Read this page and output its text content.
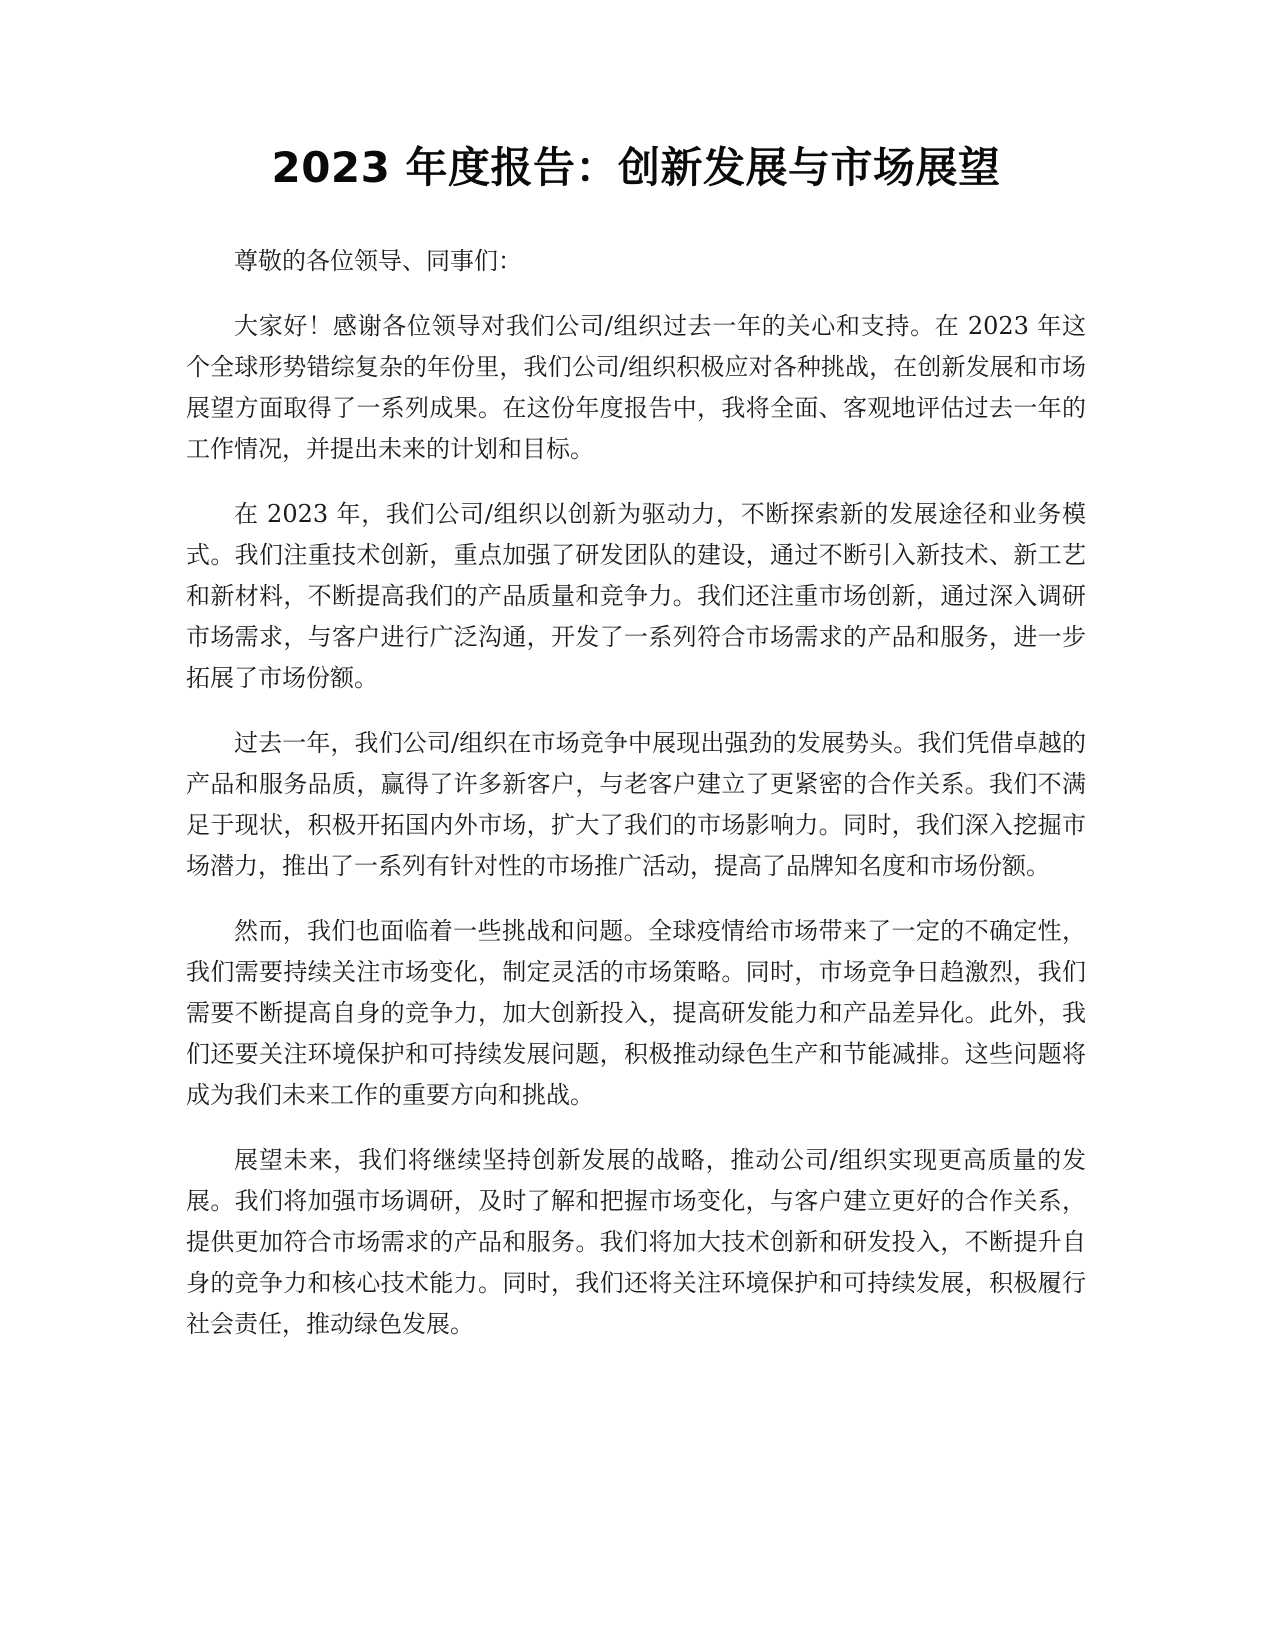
2023 年度报告：创新发展与市场展望

尊敬的各位领导、同事们：

大家好！感谢各位领导对我们公司/组织过去一年的关心和支持。在 2023 年这个全球形势错综复杂的年份里，我们公司/组织积极应对各种挑战，在创新发展和市场展望方面取得了一系列成果。在这份年度报告中，我将全面、客观地评估过去一年的工作情况，并提出未来的计划和目标。

在 2023 年，我们公司/组织以创新为驱动力，不断探索新的发展途径和业务模式。我们注重技术创新，重点加强了研发团队的建设，通过不断引入新技术、新工艺和新材料，不断提高我们的产品质量和竞争力。我们还注重市场创新，通过深入调研市场需求，与客户进行广泛沟通，开发了一系列符合市场需求的产品和服务，进一步拓展了市场份额。

过去一年，我们公司/组织在市场竞争中展现出强劲的发展势头。我们凭借卓越的产品和服务品质，赢得了许多新客户，与老客户建立了更紧密的合作关系。我们不满足于现状，积极开拓国内外市场，扩大了我们的市场影响力。同时，我们深入挖掘市场潜力，推出了一系列有针对性的市场推广活动，提高了品牌知名度和市场份额。

然而，我们也面临着一些挑战和问题。全球疫情给市场带来了一定的不确定性，我们需要持续关注市场变化，制定灵活的市场策略。同时，市场竞争日趋激烈，我们需要不断提高自身的竞争力，加大创新投入，提高研发能力和产品差异化。此外，我们还要关注环境保护和可持续发展问题，积极推动绿色生产和节能减排。这些问题将成为我们未来工作的重要方向和挑战。

展望未来，我们将继续坚持创新发展的战略，推动公司/组织实现更高质量的发展。我们将加强市场调研，及时了解和把握市场变化，与客户建立更好的合作关系，提供更加符合市场需求的产品和服务。我们将加大技术创新和研发投入，不断提升自身的竞争力和核心技术能力。同时，我们还将关注环境保护和可持续发展，积极履行社会责任，推动绿色发展。
